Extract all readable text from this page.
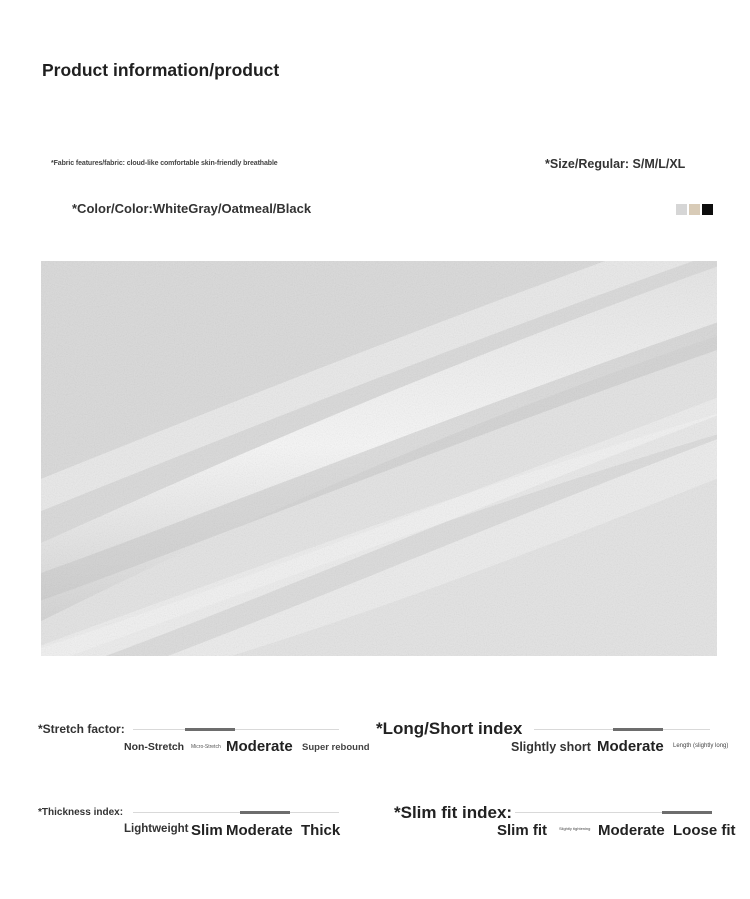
Product information/product
*Fabric features/fabric: cloud-like comfortable skin-friendly breathable	*Size/Regular: S/M/L/XL
*Color/Color:WhiteGray/Oatmeal/Black
*Stretch factor:
Non-Stretch Micro-Stretch Moderate Super rebound
*Long/Short index
Slightly short Moderate Length (slightly long)
*Thickness index:
Lightweight Slim Moderate Thick
*Slim fit index:
Slim fit	Slightly tightening Moderate Loose fit
